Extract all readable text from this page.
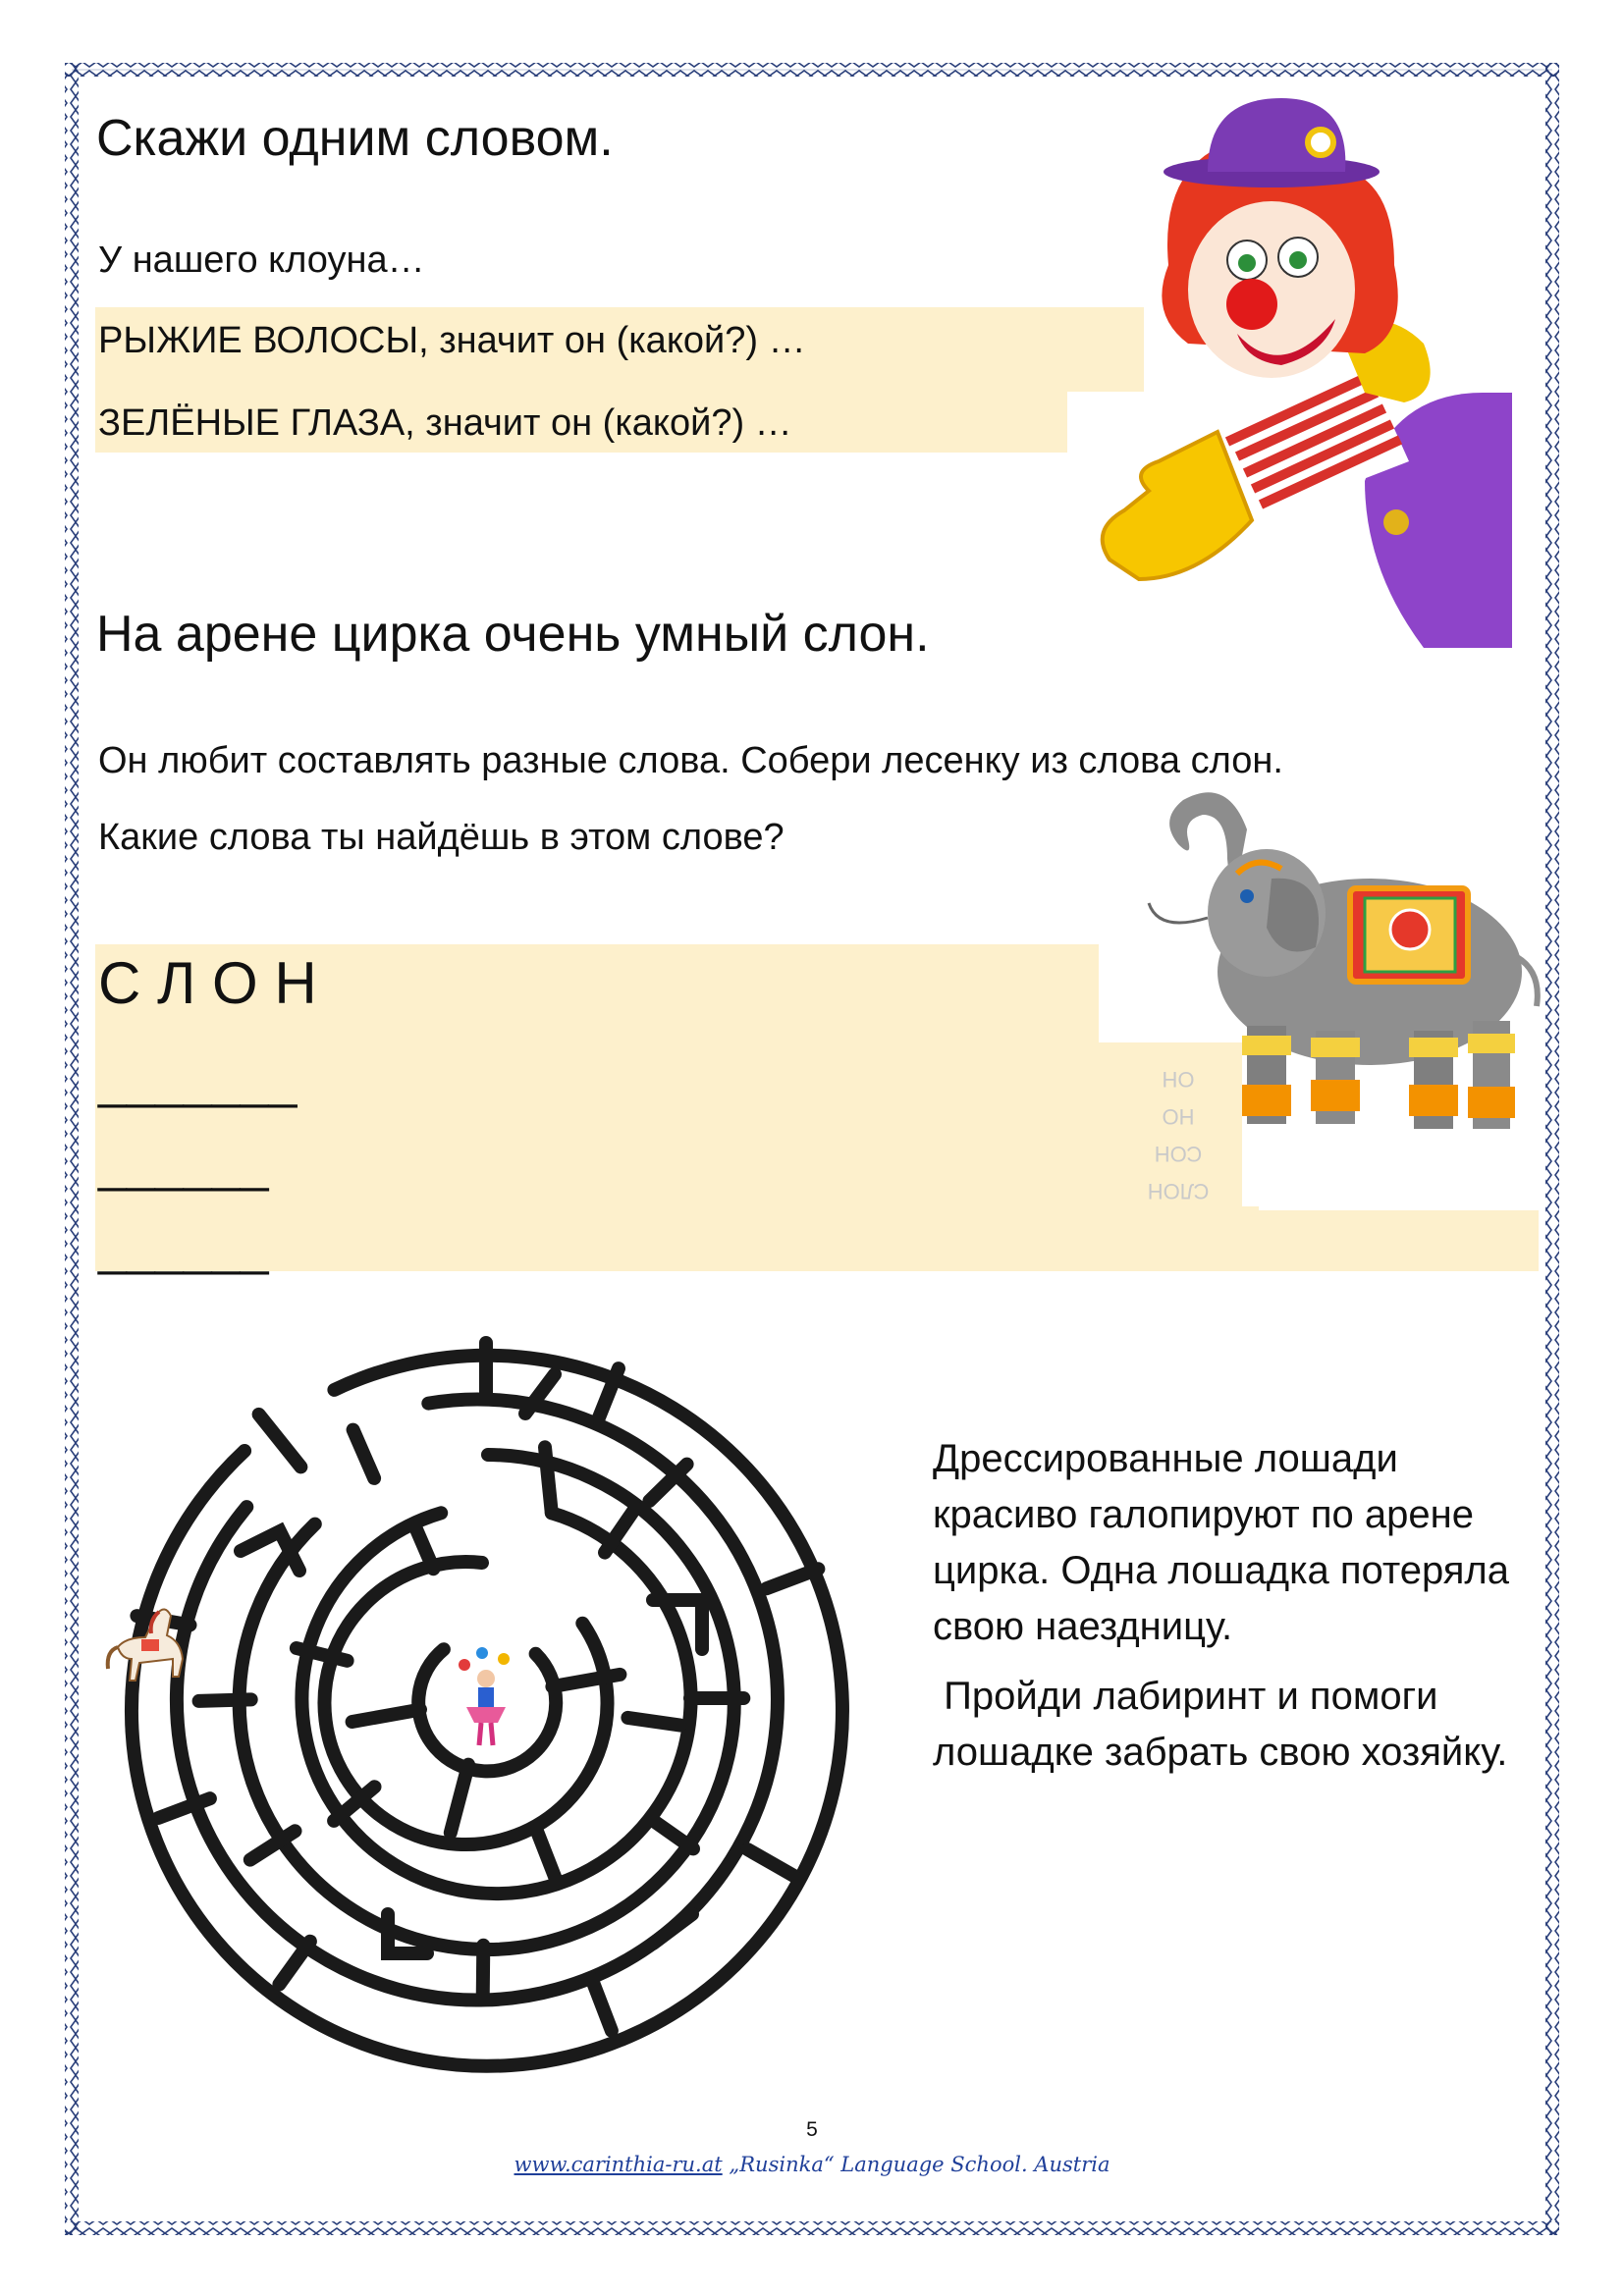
Скажи одним словом.
У нашего клоуна…
РЫЖИЕ ВОЛОСЫ, значит он (какой?) …
ЗЕЛЁНЫЕ ГЛАЗА, значит он (какой?) …
На арене цирка очень умный слон.
Он любит составлять разные слова. Собери лесенку из слова слон.
Какие слова ты найдёшь в этом слове?
С Л О Н
_______
______
______
СЛОН
СОН
НО
ОН
Дрессированные лошади красиво галопируют по арене цирка. Одна лошадка потеряла свою наездницу.
Пройди лабиринт и помоги лошадке забрать свою хозяйку.
5
www.carinthia-ru.at „Rusinka“ Language School. Austria
